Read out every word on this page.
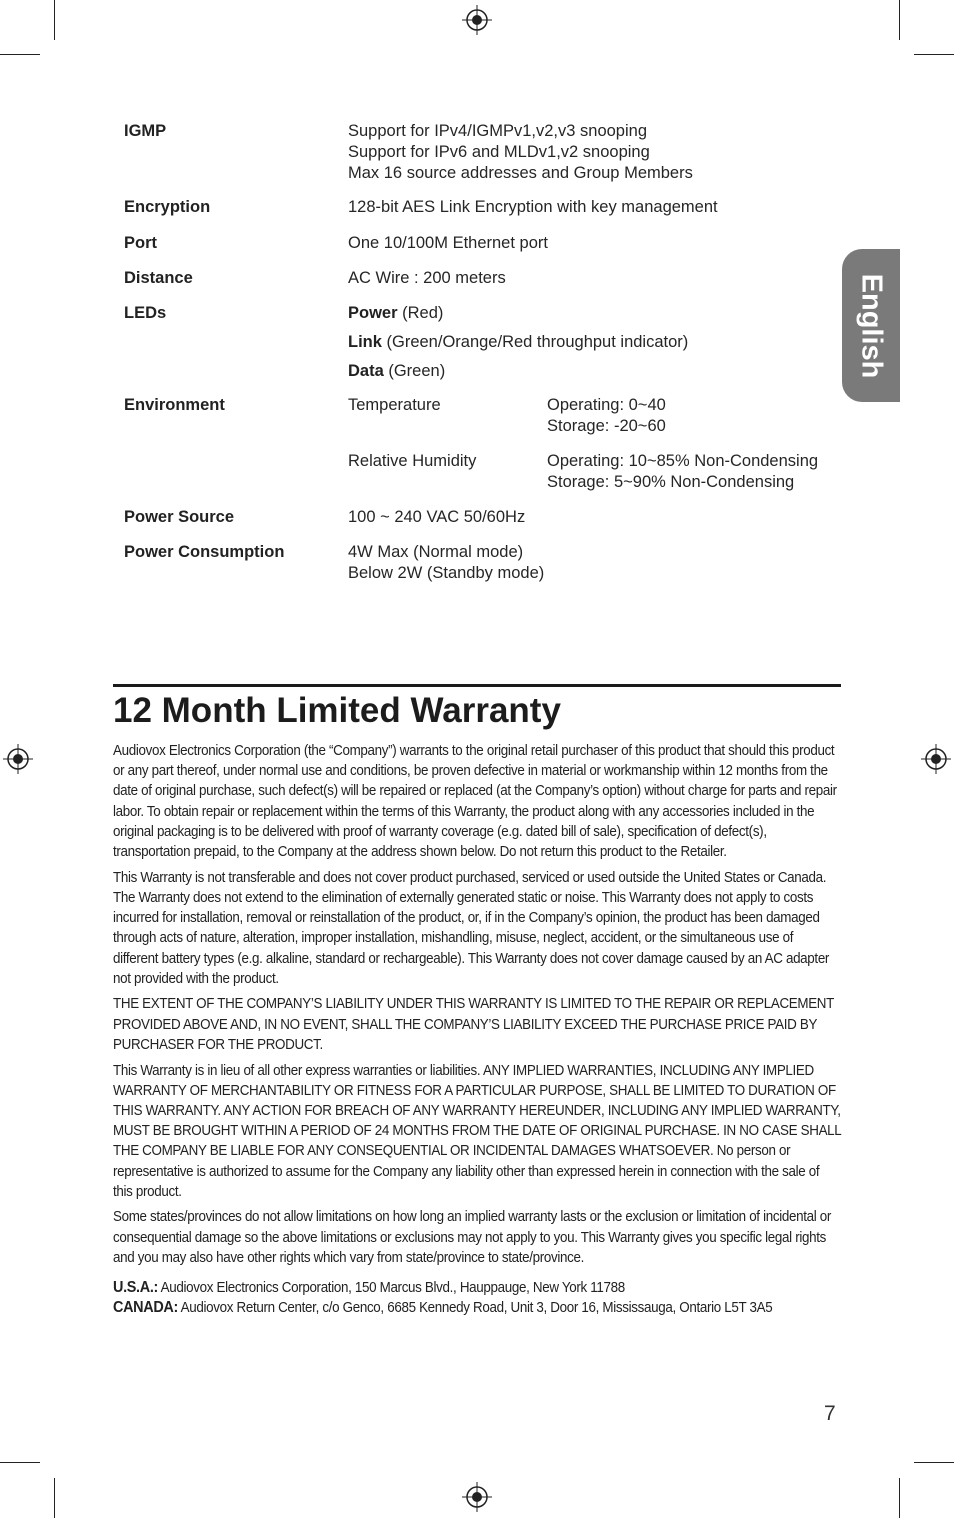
English
IGMP	Support for IPv4/IGMPv1,v2,v3 snooping
Support for IPv6 and MLDv1,v2 snooping
Max 16 source addresses and Group Members
Encryption	128-bit AES Link Encryption with key management
Port	One 10/100M Ethernet port
Distance	AC Wire : 200 meters
LEDs	Power (Red)
Link (Green/Orange/Red throughput indicator)
Data (Green)
Environment	Temperature	Operating: 0~40
Storage: -20~60
Relative Humidity	Operating: 10~85% Non-Condensing
Storage: 5~90% Non-Condensing
Power Source	100 ~ 240 VAC 50/60Hz
Power Consumption	4W Max (Normal mode)
Below 2W (Standby mode)
12 Month Limited Warranty

Audiovox Electronics Corporation (the “Company”) warrants to the original retail purchaser of this product that should this product or any part thereof, under normal use and conditions, be proven defective in material or workmanship within 12 months from the date of original purchase, such defect(s) will be repaired or replaced (at the Company’s option) without charge for parts and repair labor. To obtain repair or replacement within the terms of this Warranty, the product along with any accessories included in the original packaging is to be delivered with proof of warranty coverage (e.g. dated bill of sale), specification of defect(s), transportation prepaid, to the Company at the address shown below. Do not return this product to the Retailer.

This Warranty is not transferable and does not cover product purchased, serviced or used outside the United States or Canada. The Warranty does not extend to the elimination of externally generated static or noise. This Warranty does not apply to costs incurred for installation, removal or reinstallation of the product, or, if in the Company’s opinion, the product has been damaged through acts of nature, alteration, improper installation, mishandling, misuse, neglect, accident, or the simultaneous use of different battery types (e.g. alkaline, standard or rechargeable). This Warranty does not cover damage caused by an AC adapter not provided with the product.

THE EXTENT OF THE COMPANY’S LIABILITY UNDER THIS WARRANTY IS LIMITED TO THE REPAIR OR REPLACEMENT PROVIDED ABOVE AND, IN NO EVENT, SHALL THE COMPANY’S LIABILITY EXCEED THE PURCHASE PRICE PAID BY PURCHASER FOR THE PRODUCT.

This Warranty is in lieu of all other express warranties or liabilities. ANY IMPLIED WARRANTIES, INCLUDING ANY IMPLIED WARRANTY OF MERCHANTABILITY OR FITNESS FOR A PARTICULAR PURPOSE, SHALL BE LIMITED TO DURATION OF THIS WARRANTY. ANY ACTION FOR BREACH OF ANY WARRANTY HEREUNDER, INCLUDING ANY IMPLIED WARRANTY, MUST BE BROUGHT WITHIN A PERIOD OF 24 MONTHS FROM THE DATE OF ORIGINAL PURCHASE. IN NO CASE SHALL THE COMPANY BE LIABLE FOR ANY CONSEQUENTIAL OR INCIDENTAL DAMAGES WHATSOEVER. No person or representative is authorized to assume for the Company any liability other than expressed herein in connection with the sale of this product.

Some states/provinces do not allow limitations on how long an implied warranty lasts or the exclusion or limitation of incidental or consequential damage so the above limitations or exclusions may not apply to you. This Warranty gives you specific legal rights and you may also have other rights which vary from state/province to state/province.

U.S.A.: Audiovox Electronics Corporation, 150 Marcus Blvd., Hauppauge, New York 11788
CANADA: Audiovox Return Center, c/o Genco, 6685 Kennedy Road, Unit 3, Door 16, Mississauga, Ontario L5T 3A5
7
